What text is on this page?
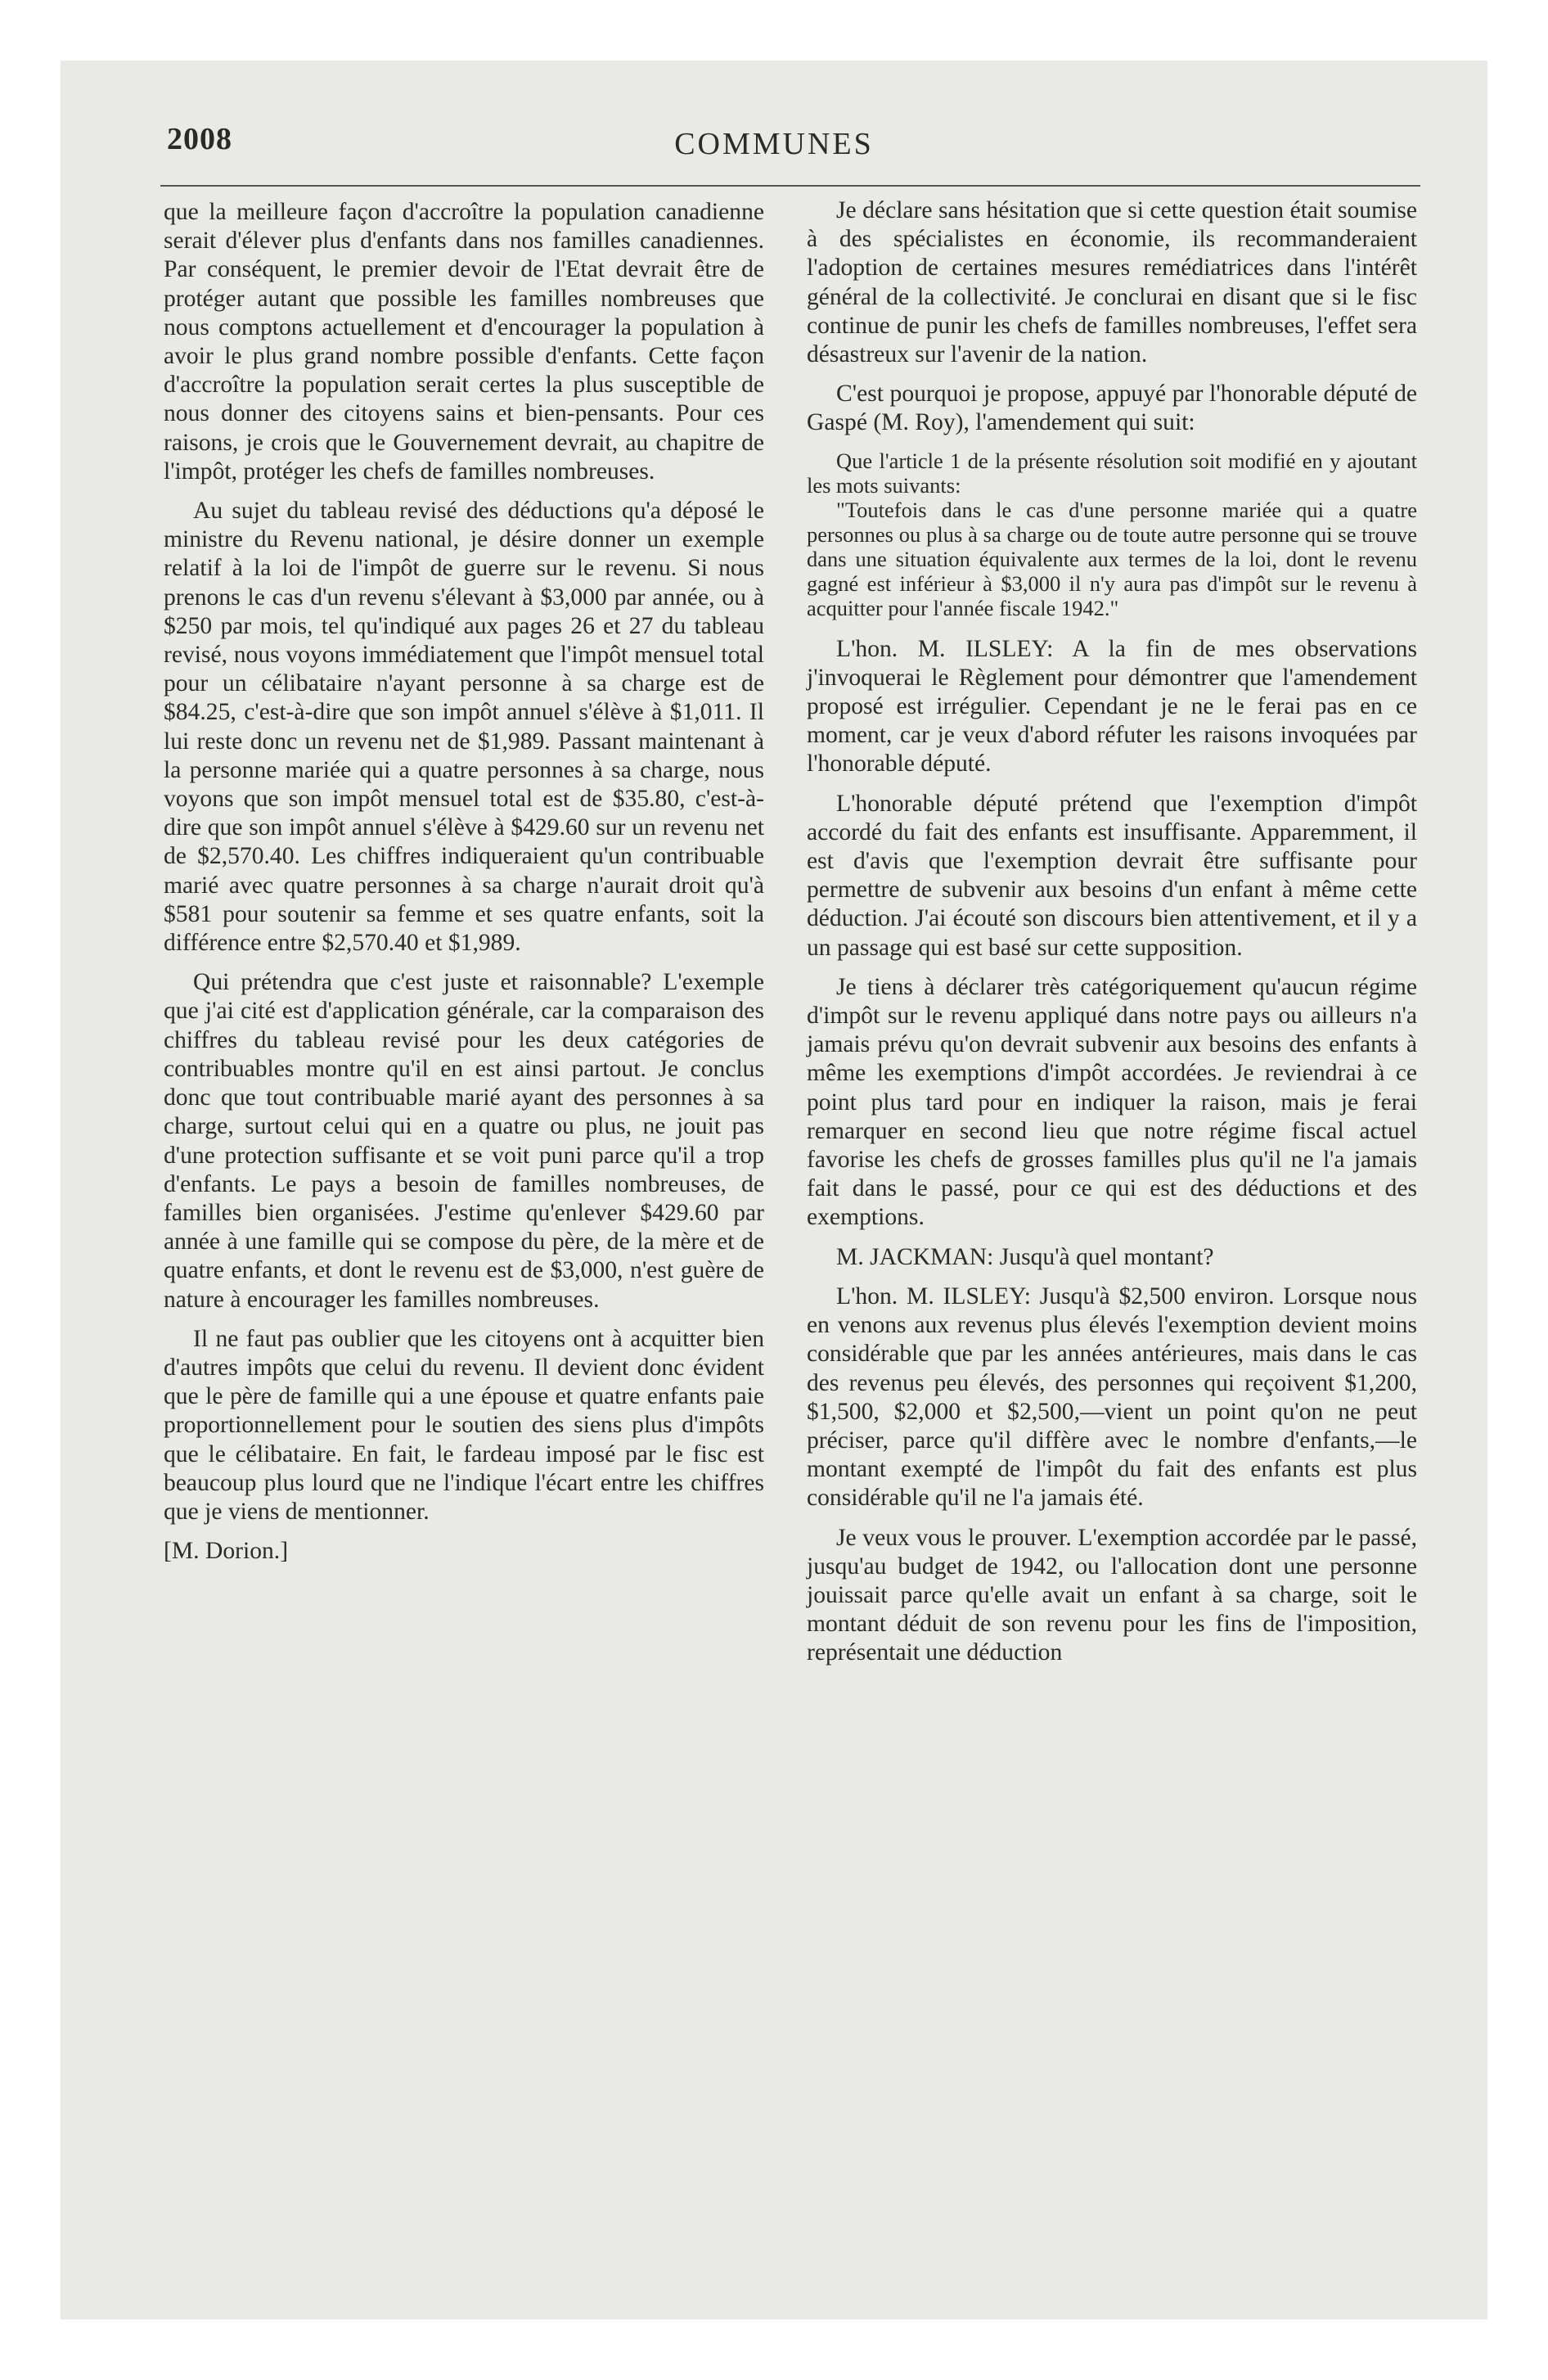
2008	COMMUNES

que la meilleure façon d'accroître la population canadienne serait d'élever plus d'enfants dans nos familles canadiennes. Par conséquent, le premier devoir de l'Etat devrait être de protéger autant que possible les familles nombreuses que nous comptons actuellement et d'encourager la population à avoir le plus grand nombre possible d'enfants. Cette façon d'accroître la population serait certes la plus susceptible de nous donner des citoyens sains et bien-pensants. Pour ces raisons, je crois que le Gouvernement devrait, au chapitre de l'impôt, protéger les chefs de familles nombreuses.

Au sujet du tableau revisé des déductions qu'a déposé le ministre du Revenu national, je désire donner un exemple relatif à la loi de l'impôt de guerre sur le revenu. Si nous prenons le cas d'un revenu s'élevant à $3,000 par année, ou à $250 par mois, tel qu'indiqué aux pages 26 et 27 du tableau revisé, nous voyons immédiatement que l'impôt mensuel total pour un célibataire n'ayant personne à sa charge est de $84.25, c'est-à-dire que son impôt annuel s'élève à $1,011. Il lui reste donc un revenu net de $1,989. Passant maintenant à la personne mariée qui a quatre personnes à sa charge, nous voyons que son impôt mensuel total est de $35.80, c'est-à-dire que son impôt annuel s'élève à $429.60 sur un revenu net de $2,570.40. Les chiffres indiqueraient qu'un contribuable marié avec quatre personnes à sa charge n'aurait droit qu'à $581 pour soutenir sa femme et ses quatre enfants, soit la différence entre $2,570.40 et $1,989.

Qui prétendra que c'est juste et raisonnable? L'exemple que j'ai cité est d'application générale, car la comparaison des chiffres du tableau revisé pour les deux catégories de contribuables montre qu'il en est ainsi partout. Je conclus donc que tout contribuable marié ayant des personnes à sa charge, surtout celui qui en a quatre ou plus, ne jouit pas d'une protection suffisante et se voit puni parce qu'il a trop d'enfants. Le pays a besoin de familles nombreuses, de familles bien organisées. J'estime qu'enlever $429.60 par année à une famille qui se compose du père, de la mère et de quatre enfants, et dont le revenu est de $3,000, n'est guère de nature à encourager les familles nombreuses.

Il ne faut pas oublier que les citoyens ont à acquitter bien d'autres impôts que celui du revenu. Il devient donc évident que le père de famille qui a une épouse et quatre enfants paie proportionnellement pour le soutien des siens plus d'impôts que le célibataire. En fait, le fardeau imposé par le fisc est beaucoup plus lourd que ne l'indique l'écart entre les chiffres que je viens de mentionner.

[M. Dorion.]

Je déclare sans hésitation que si cette question était soumise à des spécialistes en économie, ils recommanderaient l'adoption de certaines mesures remédiatrices dans l'intérêt général de la collectivité. Je conclurai en disant que si le fisc continue de punir les chefs de familles nombreuses, l'effet sera désastreux sur l'avenir de la nation.

C'est pourquoi je propose, appuyé par l'honorable député de Gaspé (M. Roy), l'amendement qui suit:

Que l'article 1 de la présente résolution soit modifié en y ajoutant les mots suivants:

"Toutefois dans le cas d'une personne mariée qui a quatre personnes ou plus à sa charge ou de toute autre personne qui se trouve dans une situation équivalente aux termes de la loi, dont le revenu gagné est inférieur à $3,000 il n'y aura pas d'impôt sur le revenu à acquitter pour l'année fiscale 1942."

L'hon. M. ILSLEY: A la fin de mes observations j'invoquerai le Règlement pour démontrer que l'amendement proposé est irrégulier. Cependant je ne le ferai pas en ce moment, car je veux d'abord réfuter les raisons invoquées par l'honorable député.

L'honorable député prétend que l'exemption d'impôt accordé du fait des enfants est insuffisante. Apparemment, il est d'avis que l'exemption devrait être suffisante pour permettre de subvenir aux besoins d'un enfant à même cette déduction. J'ai écouté son discours bien attentivement, et il y a un passage qui est basé sur cette supposition.

Je tiens à déclarer très catégoriquement qu'aucun régime d'impôt sur le revenu appliqué dans notre pays ou ailleurs n'a jamais prévu qu'on devrait subvenir aux besoins des enfants à même les exemptions d'impôt accordées. Je reviendrai à ce point plus tard pour en indiquer la raison, mais je ferai remarquer en second lieu que notre régime fiscal actuel favorise les chefs de grosses familles plus qu'il ne l'a jamais fait dans le passé, pour ce qui est des déductions et des exemptions.

M. JACKMAN: Jusqu'à quel montant?

L'hon. M. ILSLEY: Jusqu'à $2,500 environ. Lorsque nous en venons aux revenus plus élevés l'exemption devient moins considérable que par les années antérieures, mais dans le cas des revenus peu élevés, des personnes qui reçoivent $1,200, $1,500, $2,000 et $2,500,—vient un point qu'on ne peut préciser, parce qu'il diffère avec le nombre d'enfants,—le montant exempté de l'impôt du fait des enfants est plus considérable qu'il ne l'a jamais été.

Je veux vous le prouver. L'exemption accordée par le passé, jusqu'au budget de 1942, ou l'allocation dont une personne jouissait parce qu'elle avait un enfant à sa charge, soit le montant déduit de son revenu pour les fins de l'imposition, représentait une déduction
